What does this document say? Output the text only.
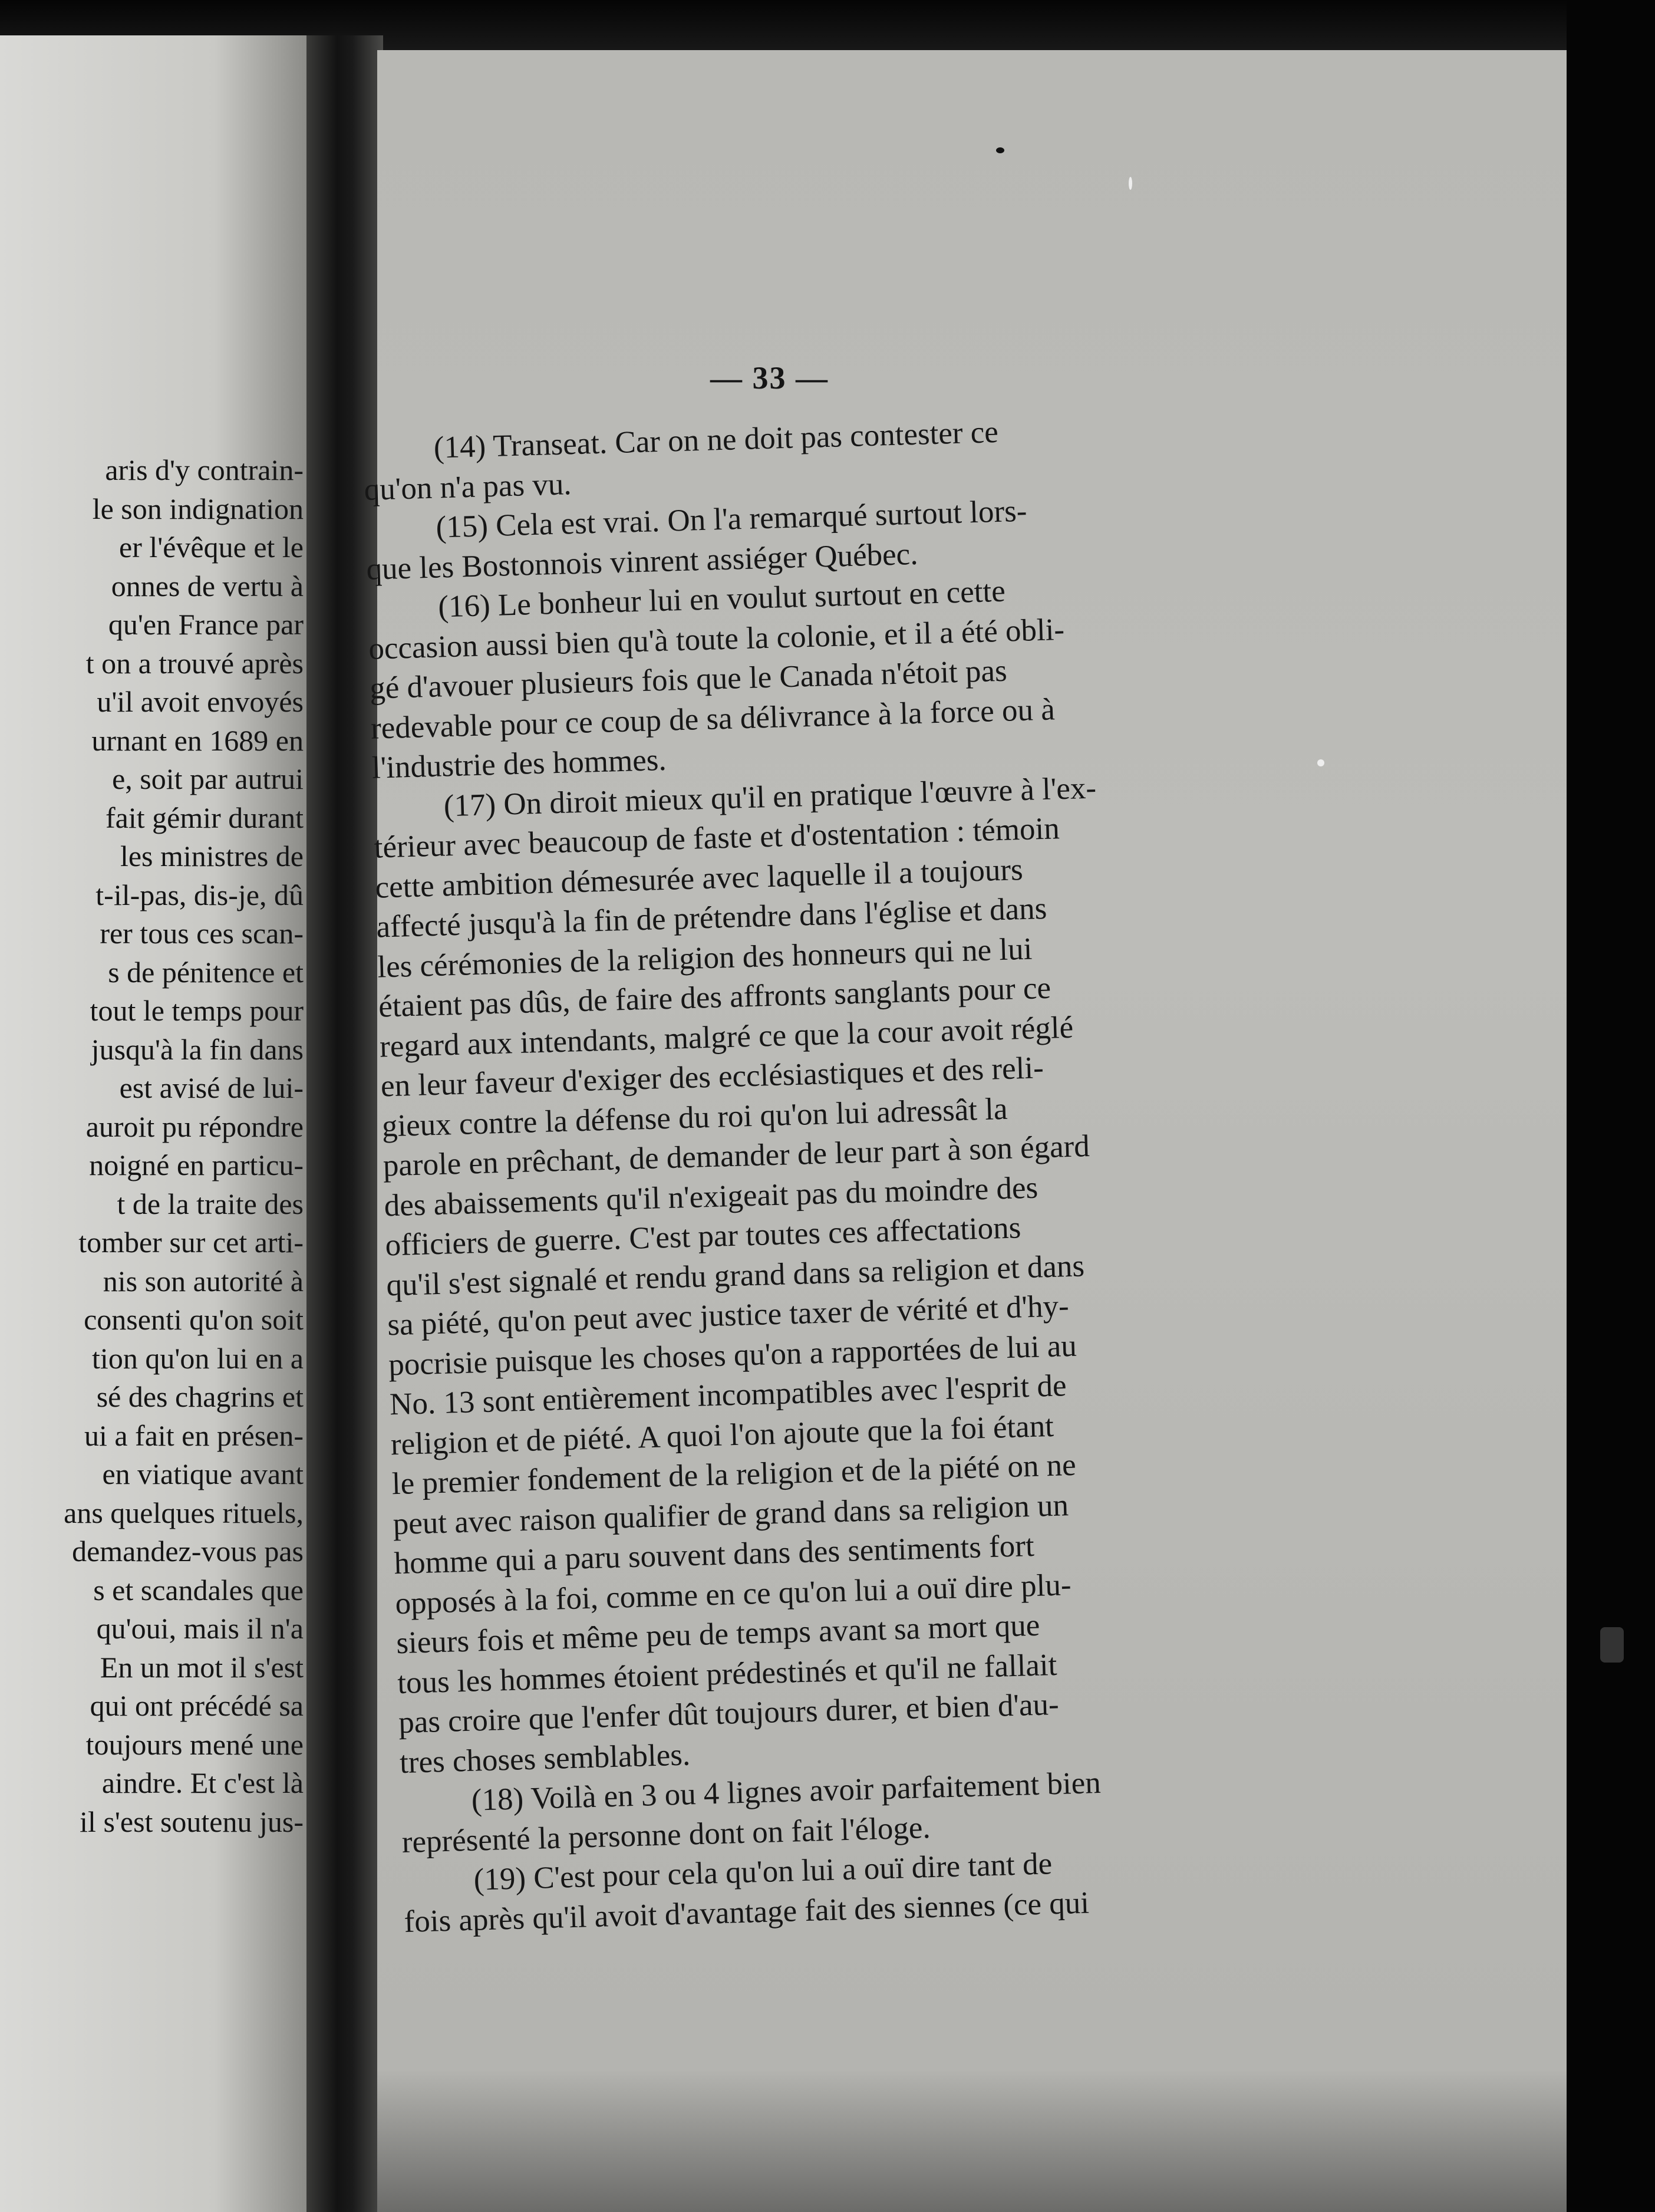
aris d'y contrain-
le son indignation
er l'évêque et le
onnes de vertu à
qu'en France par
t on a trouvé après
u'il avoit envoyés
urnant en 1689 en
e, soit par autrui
fait gémir durant
les ministres de
t-il-pas, dis-je, dû
rer tous ces scan-
s de pénitence et
tout le temps pour
jusqu'à la fin dans
est avisé de lui-
auroit pu répondre
noigné en particu-
t de la traite des
tomber sur cet arti-
nis son autorité à
consenti qu'on soit
tion qu'on lui en a
sé des chagrins et
ui a fait en présen-
en viatique avant
ans quelques rituels,
demandez-vous pas
s et scandales que
qu'oui, mais il n'a
En un mot il s'est
qui ont précédé sa
toujours mené une
aindre. Et c'est là
il s'est soutenu jus-
— 33 —
(14) Transeat. Car on ne doit pas contester ce
qu'on n'a pas vu.
(15) Cela est vrai. On l'a remarqué surtout lors-
que les Bostonnois vinrent assiéger Québec.
(16) Le bonheur lui en voulut surtout en cette
occasion aussi bien qu'à toute la colonie, et il a été obli-
gé d'avouer plusieurs fois que le Canada n'étoit pas
redevable pour ce coup de sa délivrance à la force ou à
l'industrie des hommes.
(17) On diroit mieux qu'il en pratique l'œuvre à l'ex-
térieur avec beaucoup de faste et d'ostentation : témoin
cette ambition démesurée avec laquelle il a toujours
affecté jusqu'à la fin de prétendre dans l'église et dans
les cérémonies de la religion des honneurs qui ne lui
étaient pas dûs, de faire des affronts sanglants pour ce
regard aux intendants, malgré ce que la cour avoit réglé
en leur faveur d'exiger des ecclésiastiques et des reli-
gieux contre la défense du roi qu'on lui adressât la
parole en prêchant, de demander de leur part à son égard
des abaissements qu'il n'exigeait pas du moindre des
officiers de guerre. C'est par toutes ces affectations
qu'il s'est signalé et rendu grand dans sa religion et dans
sa piété, qu'on peut avec justice taxer de vérité et d'hy-
pocrisie puisque les choses qu'on a rapportées de lui au
No. 13 sont entièrement incompatibles avec l'esprit de
religion et de piété. A quoi l'on ajoute que la foi étant
le premier fondement de la religion et de la piété on ne
peut avec raison qualifier de grand dans sa religion un
homme qui a paru souvent dans des sentiments fort
opposés à la foi, comme en ce qu'on lui a ouï dire plu-
sieurs fois et même peu de temps avant sa mort que
tous les hommes étoient prédestinés et qu'il ne fallait
pas croire que l'enfer dût toujours durer, et bien d'au-
tres choses semblables.
(18) Voilà en 3 ou 4 lignes avoir parfaitement bien
représenté la personne dont on fait l'éloge.
(19) C'est pour cela qu'on lui a ouï dire tant de
fois après qu'il avoit d'avantage fait des siennes (ce qui
